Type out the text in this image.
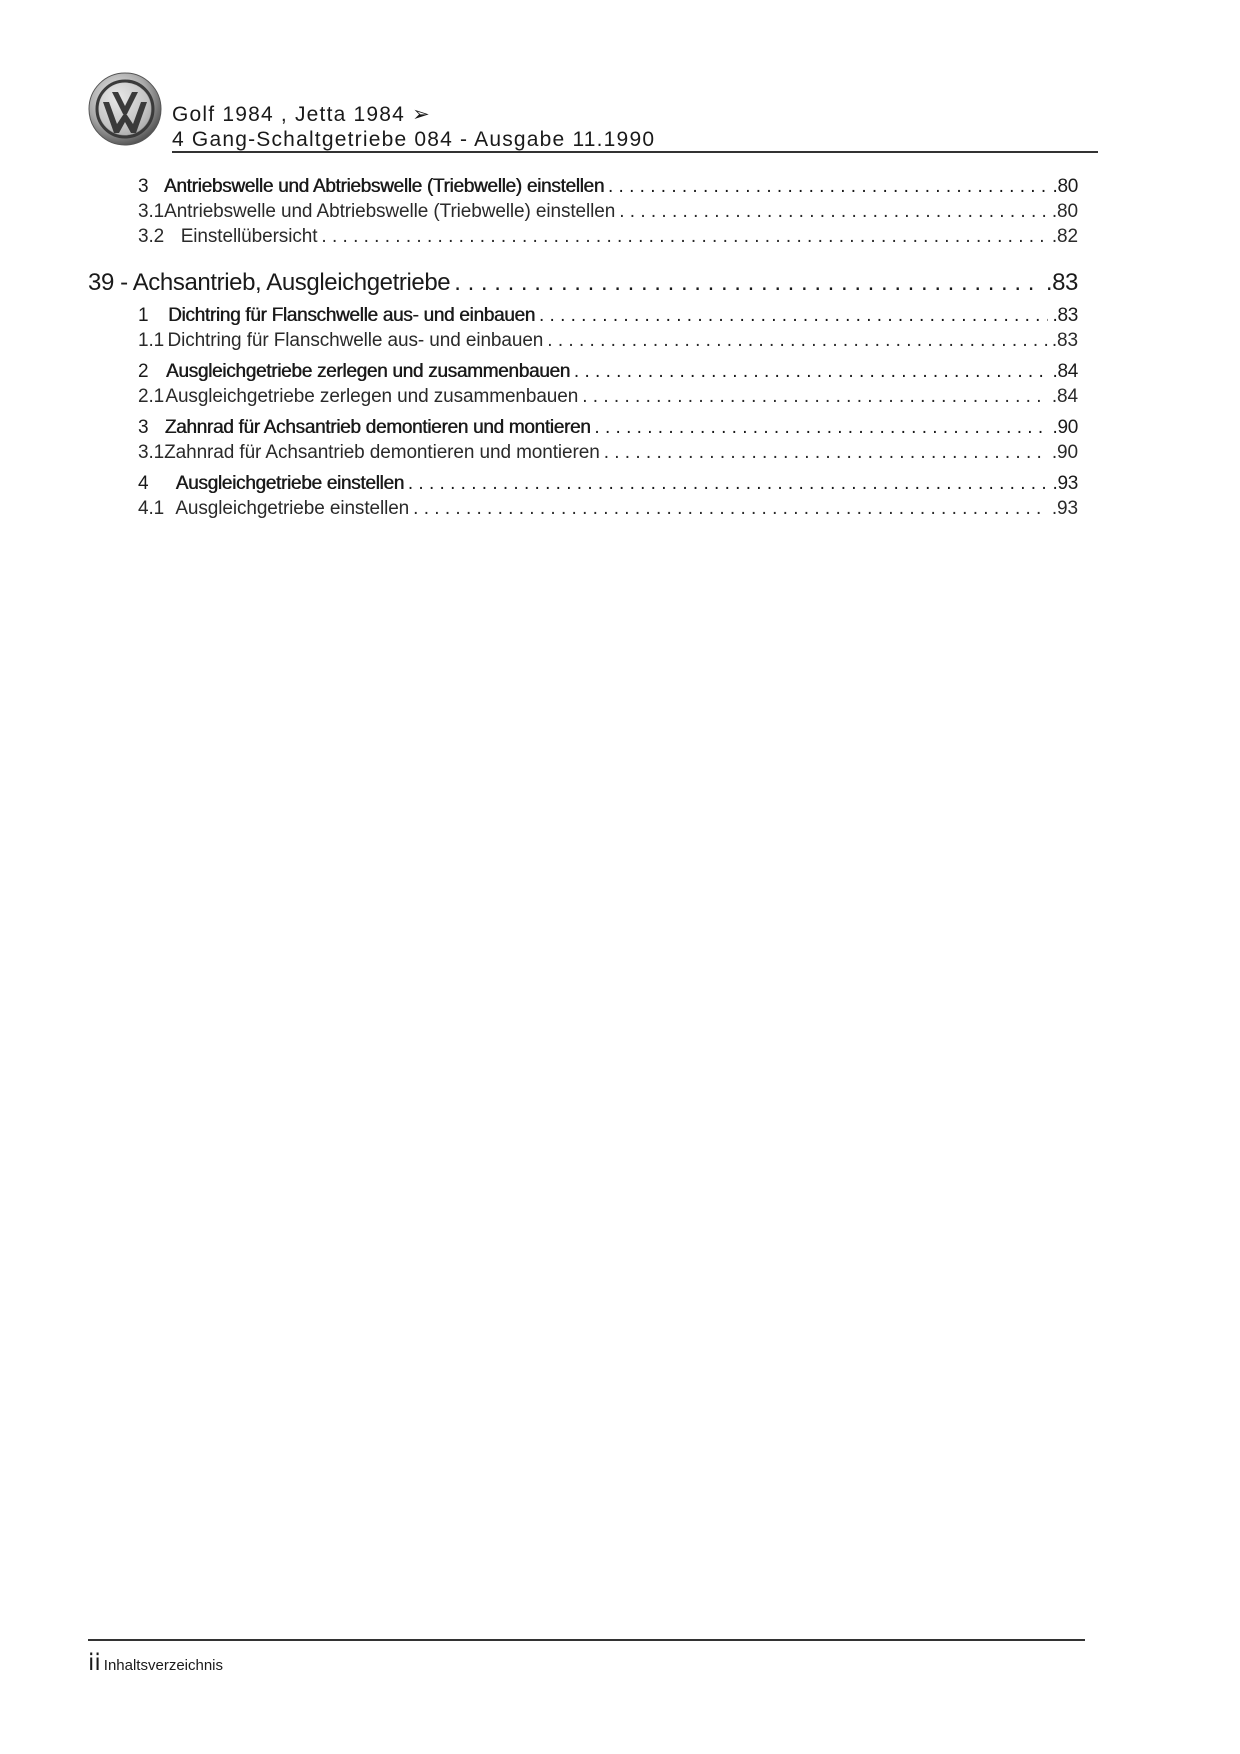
Golf 1984 , Jetta 1984 ➢
4 Gang-Schaltgetriebe 084 - Ausgabe 11.1990
3 Antriebswelle und Abtriebswelle (Triebwelle) einstellen . . .	.80
3.1 Antriebswelle und Abtriebswelle (Triebwelle) einstellen . . .	.80
3.2 Einstellübersicht . . .	.82
39 - Achsantrieb, Ausgleichgetriebe . . .	.83
1	Dichtring für Flanschwelle aus- und einbauen . . .	.83
1.1 Dichtring für Flanschwelle aus- und einbauen . . .	.83
2 Ausgleichgetriebe zerlegen und zusammenbauen . . .	.84
2.1 Ausgleichgetriebe zerlegen und zusammenbauen . . .	.84
3 Zahnrad für Achsantrieb demontieren und montieren . . .	.90
3.1 Zahnrad für Achsantrieb demontieren und montieren . . .	.90
4	Ausgleichgetriebe einstellen . . .	.93
4.1 Ausgleichgetriebe einstellen . . .	.93
ii Inhaltsverzeichnis
